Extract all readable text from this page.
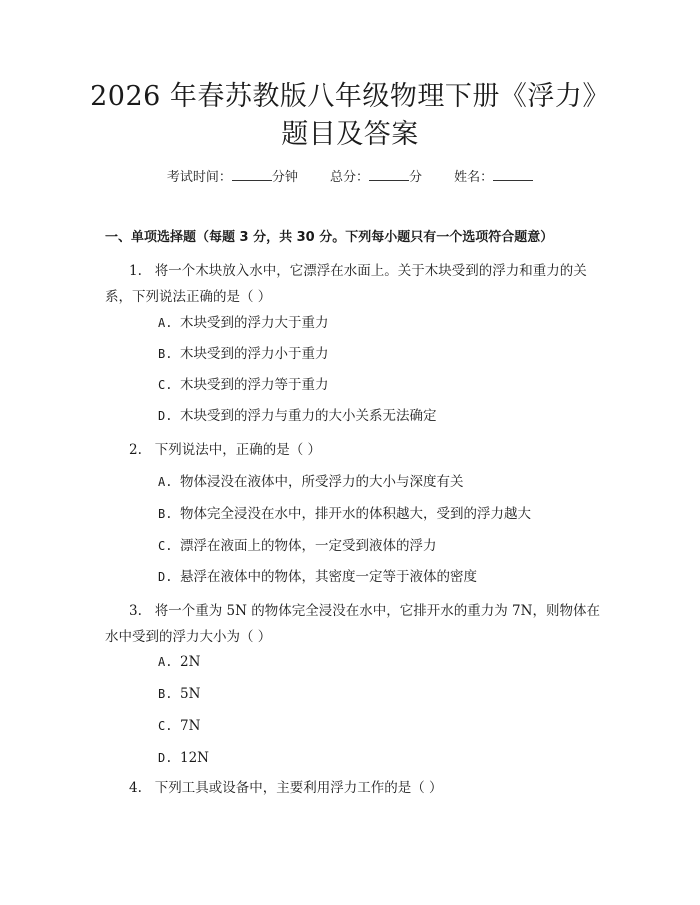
2026 年春苏教版八年级物理下册《浮力》题目及答案
考试时间：	分钟 总分：	分 姓名：
一、单项选择题（每题 3 分，共 30 分。下列每小题只有一个选项符合题意）

1. 将一个木块放入水中，它漂浮在水面上。关于木块受到的浮力和重力的关
系，下列说法正确的是（ ）

A. 木块受到的浮力大于重力

B. 木块受到的浮力小于重力

C. 木块受到的浮力等于重力

D. 木块受到的浮力与重力的大小关系无法确定

2. 下列说法中，正确的是（ ）

A. 物体浸没在液体中，所受浮力的大小与深度有关

B. 物体完全浸没在水中，排开水的体积越大，受到的浮力越大

C. 漂浮在液面上的物体，一定受到液体的浮力

D. 悬浮在液体中的物体，其密度一定等于液体的密度

3. 将一个重为 5N 的物体完全浸没在水中，它排开水的重力为 7N，则物体在
水中受到的浮力大小为（ ）

A. 2N

B. 5N

C. 7N

D. 12N

4. 下列工具或设备中，主要利用浮力工作的是（ ）
